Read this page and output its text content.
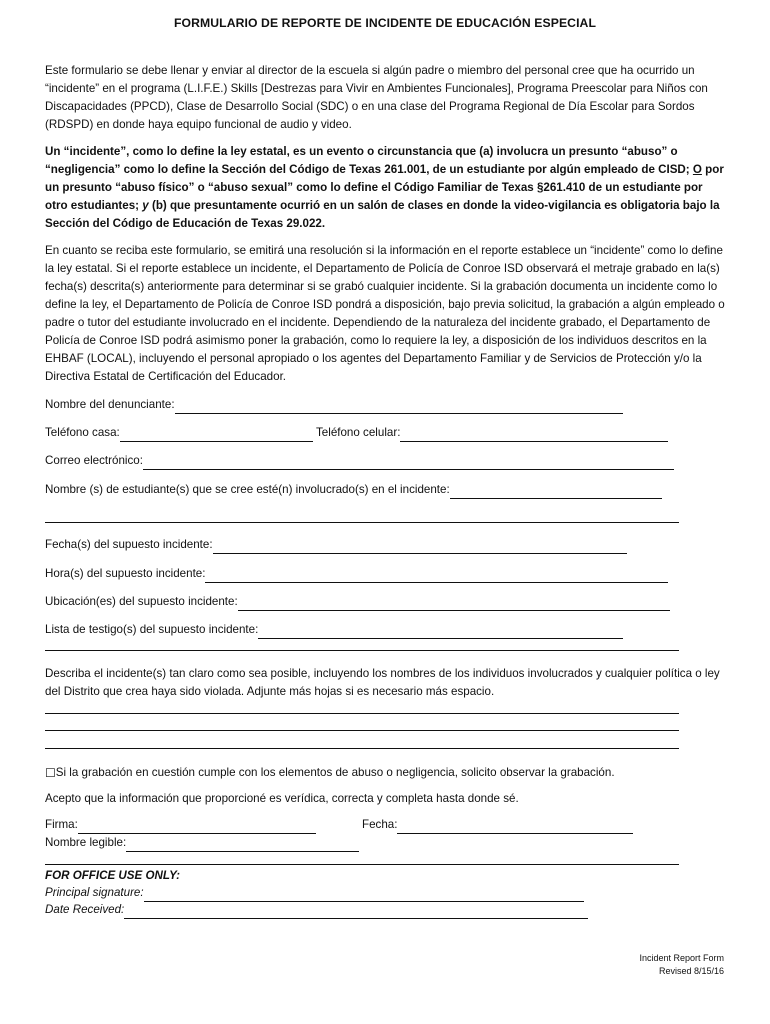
FORMULARIO DE REPORTE DE INCIDENTE DE EDUCACIÓN ESPECIAL

Este formulario se debe llenar y enviar al director de la escuela si algún padre o miembro del personal cree que ha ocurrido un “incidente” en el programa (L.I.F.E.) Skills [Destrezas para Vivir en Ambientes Funcionales], Programa Preescolar para Niños con Discapacidades (PPCD), Clase de Desarrollo Social (SDC) o en una clase del Programa Regional de Día Escolar para Sordos (RDSPD) en donde haya equipo funcional de audio y video.

Un “incidente”, como lo define la ley estatal, es un evento o circunstancia que (a) involucra un presunto “abuso” o “negligencia” como lo define la Sección del Código de Texas 261.001, de un estudiante por algún empleado de CISD; O por un presunto “abuso físico” o “abuso sexual” como lo define el Código Familiar de Texas §261.410 de un estudiante por otro estudiantes; y (b) que presuntamente ocurrió en un salón de clases en donde la video-vigilancia es obligatoria bajo la Sección del Código de Educación de Texas 29.022.

En cuanto se reciba este formulario, se emitirá una resolución si la información en el reporte establece un “incidente” como lo define la ley estatal. Si el reporte establece un incidente, el Departamento de Policía de Conroe ISD observará el metraje grabado en la(s) fecha(s) descrita(s) anteriormente para determinar si se grabó cualquier incidente. Si la grabación documenta un incidente como lo define la ley, el Departamento de Policía de Conroe ISD pondrá a disposición, bajo previa solicitud, la grabación a algún empleado o padre o tutor del estudiante involucrado en el incidente. Dependiendo de la naturaleza del incidente grabado, el Departamento de Policía de Conroe ISD podrá asimismo poner la grabación, como lo requiere la ley, a disposición de los individuos descritos en la EHBAF (LOCAL), incluyendo el personal apropiado o los agentes del Departamento Familiar y de Servicios de Protección y/o la Directiva Estatal de Certificación del Educador.

Nombre del denunciante:
Teléfono casa:	Teléfono celular:
Correo electrónico:
Nombre (s) de estudiante(s) que se cree esté(n) involucrado(s) en el incidente:
Fecha(s) del supuesto incidente:
Hora(s) del supuesto incidente:
Ubicación(es) del supuesto incidente:
Lista de testigo(s) del supuesto incidente:

Describa el incidente(s) tan claro como sea posible, incluyendo los nombres de los individuos involucrados y cualquier política o ley del Distrito que crea haya sido violada. Adjunte más hojas si es necesario más espacio.

☐Si la grabación en cuestión cumple con los elementos de abuso o negligencia, solicito observar la grabación.
Acepto que la información que proporcioné es verídica, correcta y completa hasta donde sé.
Firma:	Fecha:
Nombre legible:
FOR OFFICE USE ONLY:
Principal signature:
Date Received:
Incident Report Form
Revised 8/15/16
